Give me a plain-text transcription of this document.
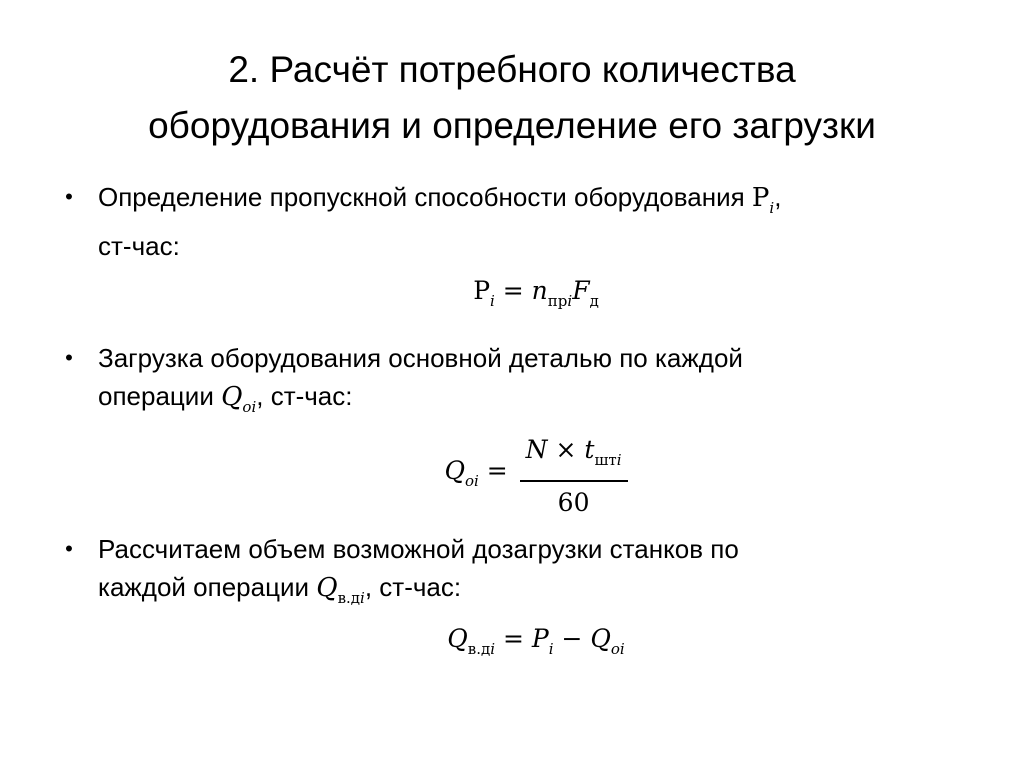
2. Расчёт потребного количества
оборудования и определение его загрузки
• Определение пропускной способности оборудования $P_i$,
ст-час:
$P_i = n_{прi}F_д$
• Загрузка оборудования основной деталью по каждой
операции $Q_{oi}$, ст-час:
$Q_{oi} = \frac{N \times t_{штi}}{60}$
• Рассчитаем объем возможной дозагрузки станков по
каждой операции $Q_{в.дi}$, ст-час:
$Q_{в.дi} = P_i - Q_{oi}$
